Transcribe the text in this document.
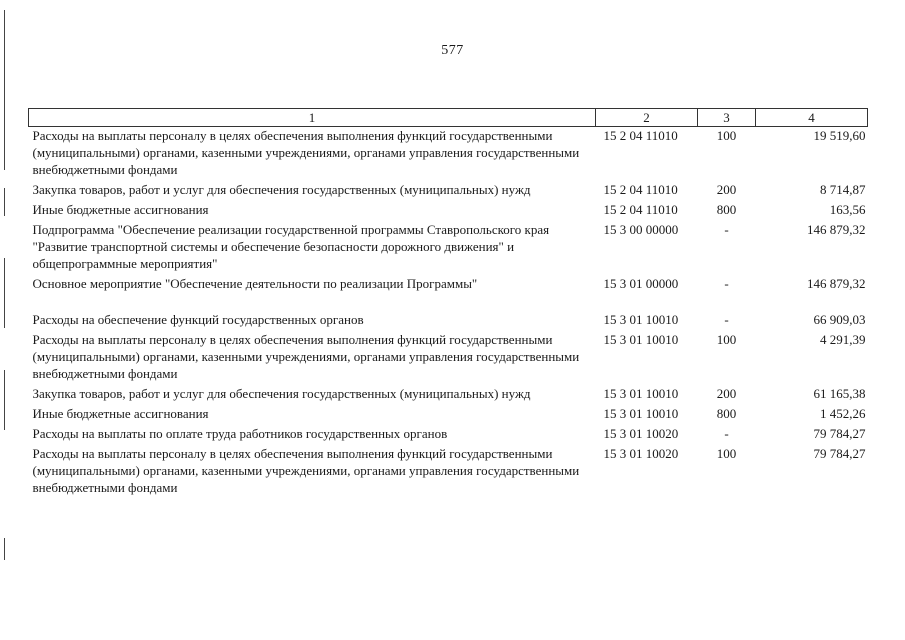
577
1	2	3	4
Расходы на выплаты персоналу в целях обеспечения выполнения функций государственными (муниципальными) органами, казенными учреждениями, органами управления государственными внебюджетными фондами	15 2 04 11010	100	19 519,60
Закупка товаров, работ и услуг для обеспечения государственных (муниципальных) нужд	15 2 04 11010	200	8 714,87
Иные бюджетные ассигнования	15 2 04 11010	800	163,56
Подпрограмма "Обеспечение реализации государственной программы Ставропольского края "Развитие транспортной системы и обеспечение безопасности дорожного движения" и общепрограммные мероприятия"	15 3 00 00000	-	146 879,32
Основное мероприятие "Обеспечение деятельности по реализации Программы"	15 3 01 00000	-	146 879,32
Расходы на обеспечение функций государственных органов	15 3 01 10010	-	66 909,03
Расходы на выплаты персоналу в целях обеспечения выполнения функций государственными (муниципальными) органами, казенными учреждениями, органами управления государственными внебюджетными фондами	15 3 01 10010	100	4 291,39
Закупка товаров, работ и услуг для обеспечения государственных (муниципальных) нужд	15 3 01 10010	200	61 165,38
Иные бюджетные ассигнования	15 3 01 10010	800	1 452,26
Расходы на выплаты по оплате труда работников государственных органов	15 3 01 10020	-	79 784,27
Расходы на выплаты персоналу в целях обеспечения выполнения функций государственными (муниципальными) органами, казенными учреждениями, органами управления государственными внебюджетными фондами	15 3 01 10020	100	79 784,27
